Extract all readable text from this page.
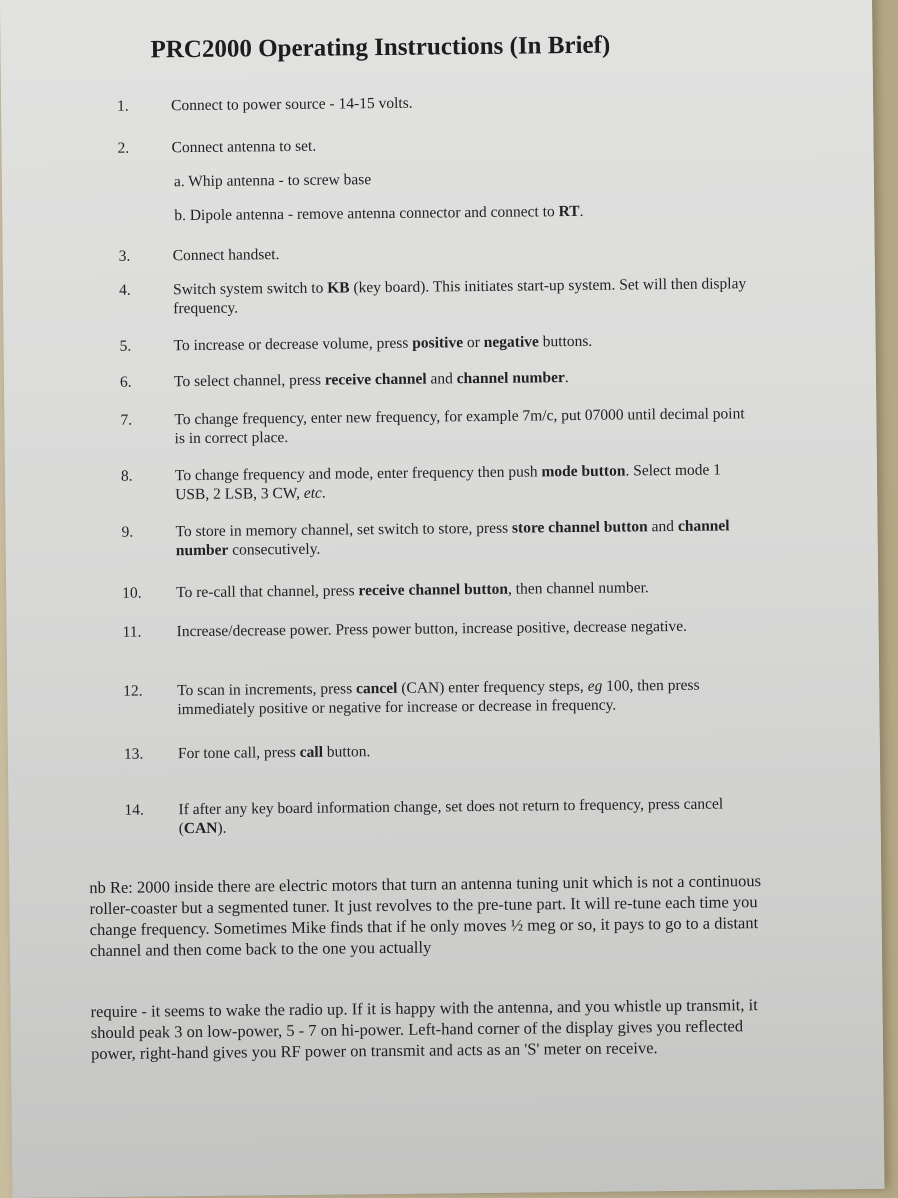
PRC2000 Operating Instructions (In Brief)
1.	Connect to power source - 14-15 volts.
2.	Connect antenna to set.
a. Whip antenna - to screw base
b. Dipole antenna - remove antenna connector and connect to RT.
3.	Connect handset.
4.	Switch system switch to KB (key board). This initiates start-up system. Set will then display frequency.
5.	To increase or decrease volume, press positive or negative buttons.
6.	To select channel, press receive channel and channel number.
7.	To change frequency, enter new frequency, for example 7m/c, put 07000 until decimal point is in correct place.
8.	To change frequency and mode, enter frequency then push mode button. Select mode 1 USB, 2 LSB, 3 CW, etc.
9.	To store in memory channel, set switch to store, press store channel button and channel number consecutively.
10.	To re-call that channel, press receive channel button, then channel number.
11.	Increase/decrease power. Press power button, increase positive, decrease negative.
12.	To scan in increments, press cancel (CAN) enter frequency steps, eg 100, then press immediately positive or negative for increase or decrease in frequency.
13.	For tone call, press call button.
14.	If after any key board information change, set does not return to frequency, press cancel (CAN).
nb Re: 2000 inside there are electric motors that turn an antenna tuning unit which is not a continuous roller-coaster but a segmented tuner. It just revolves to the pre-tune part. It will re-tune each time you change frequency. Sometimes Mike finds that if he only moves ½ meg or so, it pays to go to a distant channel and then come back to the one you actually
require - it seems to wake the radio up. If it is happy with the antenna, and you whistle up transmit, it should peak 3 on low-power, 5 - 7 on hi-power. Left-hand corner of the display gives you reflected power, right-hand gives you RF power on transmit and acts as an 'S' meter on receive.
